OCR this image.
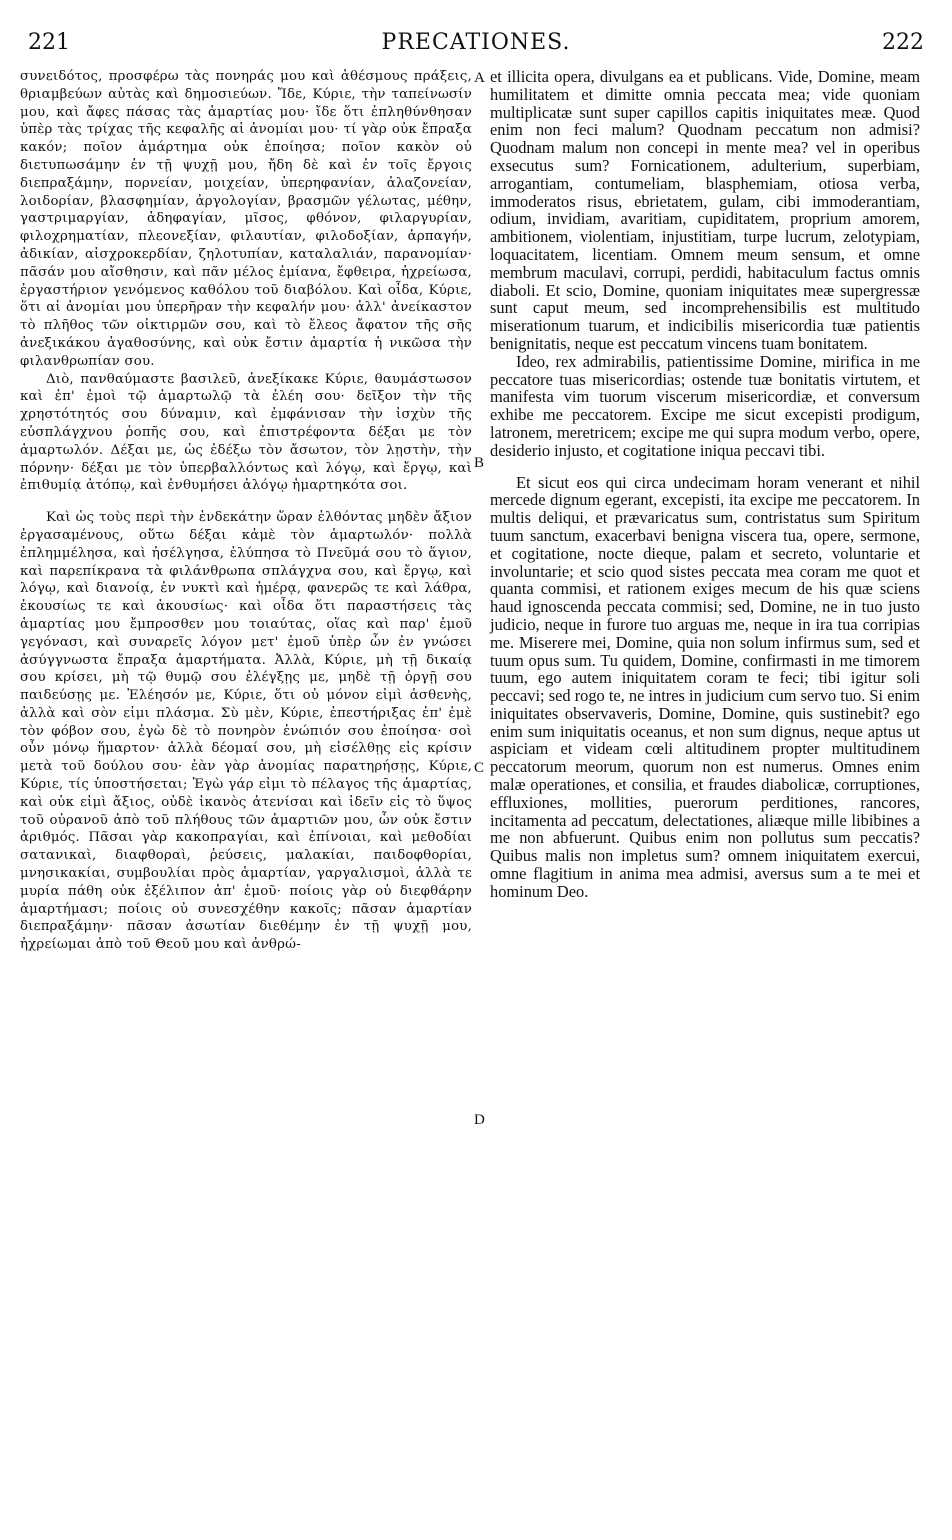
221	PRECATIONES.	222

συνειδότος, προσφέρω τὰς πονηράς μου καὶ ἀθέσμους πράξεις, θριαμβεύων αὐτὰς καὶ δημοσιεύων. Ἴδε, Κύριε, τὴν ταπείνωσίν μου, καὶ ἄφες πάσας τὰς ἁμαρτίας μου· ἴδε ὅτι ἐπληθύνθησαν ὑπὲρ τὰς τρίχας τῆς κεφαλῆς αἱ ἀνομίαι μου· τί γὰρ οὐκ ἔπραξα κακόν; ποῖον ἁμάρτημα οὐκ ἐποίησα; ποῖον κακὸν οὐ διετυπωσάμην ἐν τῇ ψυχῇ μου, ἤδη δὲ καὶ ἐν τοῖς ἔργοις διεπραξάμην, πορνείαν, μοιχείαν, ὑπερηφανίαν, ἀλαζονείαν, λοιδορίαν, βλασφημίαν, ἀργολογίαν, βρασμῶν γέλωτας, μέθην, γαστριμαργίαν, ἀδηφαγίαν, μῖσος, φθόνον, φιλαργυρίαν, φιλοχρηματίαν, πλεονεξίαν, φιλαυτίαν, φιλοδοξίαν, ἁρπαγήν, ἀδικίαν, αἰσχροκερδίαν, ζηλοτυπίαν, καταλαλιάν, παρανομίαν· πᾶσάν μου αἴσθησιν, καὶ πᾶν μέλος ἐμίανα, ἔφθειρα, ἠχρείωσα, ἐργαστήριον γενόμενος καθόλου τοῦ διαβόλου. Καὶ οἶδα, Κύριε, ὅτι αἱ ἀνομίαι μου ὑπερῆραν τὴν κεφαλήν μου· ἀλλ' ἀνείκαστον τὸ πλῆθος τῶν οἰκτιρμῶν σου, καὶ τὸ ἔλεος ἄφατον τῆς σῆς ἀνεξικάκου ἀγαθοσύνης, καὶ οὐκ ἔστιν ἁμαρτία ἡ νικῶσα τὴν φιλανθρωπίαν σου.

Διὸ, πανθαύμαστε βασιλεῦ, ἀνεξίκακε Κύριε, θαυμάστωσον καὶ ἐπ' ἐμοὶ τῷ ἁμαρτωλῷ τὰ ἐλέη σου· δεῖξον τὴν τῆς χρηστότητός σου δύναμιν, καὶ ἐμφάνισαν τὴν ἰσχὺν τῆς εὐσπλάγχνου ῥοπῆς σου, καὶ ἐπιστρέφοντα δέξαι με τὸν ἁμαρτωλόν. Δέξαι με, ὡς ἐδέξω τὸν ἄσωτον, τὸν λῃστὴν, τὴν πόρνην· δέξαι με τὸν ὑπερβαλλόντως καὶ λόγῳ, καὶ ἔργῳ, καὶ ἐπιθυμίᾳ ἀτόπῳ, καὶ ἐνθυμήσει ἀλόγῳ ἡμαρτηκότα σοι.

Καὶ ὡς τοὺς περὶ τὴν ἑνδεκάτην ὥραν ἐλθόντας μηδὲν ἄξιον ἐργασαμένους, οὕτω δέξαι κἀμὲ τὸν ἁμαρτωλόν· πολλὰ ἐπλημμέλησα, καὶ ἠσέλγησα, ἐλύπησα τὸ Πνεῦμά σου τὸ ἅγιον, καὶ παρεπίκρανα τὰ φιλάνθρωπα σπλάγχνα σου, καὶ ἔργῳ, καὶ λόγῳ, καὶ διανοίᾳ, ἐν νυκτὶ καὶ ἡμέρᾳ, φανερῶς τε καὶ λάθρα, ἑκουσίως τε καὶ ἀκουσίως· καὶ οἶδα ὅτι παραστήσεις τὰς ἁμαρτίας μου ἔμπροσθεν μου τοιαύτας, οἵας καὶ παρ' ἐμοῦ γεγόνασι, καὶ συναρεῖς λόγον μετ' ἐμοῦ ὑπὲρ ὧν ἐν γνώσει ἀσύγγνωστα ἔπραξα ἁμαρτήματα. Ἀλλὰ, Κύριε, μὴ τῇ δικαίᾳ σου κρίσει, μὴ τῷ θυμῷ σου ἐλέγξῃς με, μηδὲ τῇ ὀργῇ σου παιδεύσῃς με. Ἐλέησόν με, Κύριε, ὅτι οὐ μόνον εἰμὶ ἀσθενὴς, ἀλλὰ καὶ σὸν εἰμι πλάσμα. Σὺ μὲν, Κύριε, ἐπεστήριξας ἐπ' ἐμὲ τὸν φόβον σου, ἐγὼ δὲ τὸ πονηρὸν ἐνώπιόν σου ἐποίησα· σοὶ οὖν μόνῳ ἥμαρτον· ἀλλὰ δέομαί σου, μὴ εἰσέλθῃς εἰς κρίσιν μετὰ τοῦ δούλου σου· ἐὰν γὰρ ἀνομίας παρατηρήσῃς, Κύριε, Κύριε, τίς ὑποστήσεται; Ἐγὼ γάρ εἰμι τὸ πέλαγος τῆς ἁμαρτίας, καὶ οὐκ εἰμὶ ἄξιος, οὐδὲ ἱκανὸς ἀτενίσαι καὶ ἰδεῖν εἰς τὸ ὕψος τοῦ οὐρανοῦ ἀπὸ τοῦ πλήθους τῶν ἁμαρτιῶν μου, ὧν οὐκ ἔστιν ἀριθμός. Πᾶσαι γὰρ κακοπραγίαι, καὶ ἐπίνοιαι, καὶ μεθοδίαι σατανικαὶ, διαφθοραὶ, ῥεύσεις, μαλακίαι, παιδοφθορίαι, μνησικακίαι, συμβουλίαι πρὸς ἁμαρτίαν, γαργαλισμοὶ, ἀλλὰ τε μυρία πάθη οὐκ ἐξέλιπον ἀπ' ἐμοῦ· ποίοις γὰρ οὐ διεφθάρην ἁμαρτήμασι; ποίοις οὐ συνεσχέθην κακοῖς; πᾶσαν ἁμαρτίαν διεπραξάμην· πᾶσαν ἀσωτίαν διεθέμην ἐν τῇ ψυχῇ μου, ἠχρείωμαι ἀπὸ τοῦ Θεοῦ μου καὶ ἀνθρώ-

A
B
C
D

et illicita opera, divulgans ea et publicans. Vide, Domine, meam humilitatem et dimitte omnia peccata mea; vide quoniam multiplicatæ sunt super capillos capitis iniquitates meæ. Quod enim non feci malum? Quodnam peccatum non admisi? Quodnam malum non concepi in mente mea? vel in operibus exsecutus sum? Fornicationem, adulterium, superbiam, arrogantiam, contumeliam, blasphemiam, otiosa verba, immoderatos risus, ebrietatem, gulam, cibi immoderantiam, odium, invidiam, avaritiam, cupiditatem, proprium amorem, ambitionem, violentiam, injustitiam, turpe lucrum, zelotypiam, loquacitatem, licentiam. Omnem meum sensum, et omne membrum maculavi, corrupi, perdidi, habitaculum factus omnis diaboli. Et scio, Domine, quoniam iniquitates meæ supergressæ sunt caput meum, sed incomprehensibilis est multitudo miserationum tuarum, et indicibilis misericordia tuæ patientis benignitatis, neque est peccatum vincens tuam bonitatem.

Ideo, rex admirabilis, patientissime Domine, mirifica in me peccatore tuas misericordias; ostende tuæ bonitatis virtutem, et manifesta vim tuorum viscerum misericordiæ, et conversum exhibe me peccatorem. Excipe me sicut excepisti prodigum, latronem, meretricem; excipe me qui supra modum verbo, opere, desiderio injusto, et cogitatione iniqua peccavi tibi.

Et sicut eos qui circa undecimam horam venerant et nihil mercede dignum egerant, excepisti, ita excipe me peccatorem. In multis deliqui, et prævaricatus sum, contristatus sum Spiritum tuum sanctum, exacerbavi benigna viscera tua, opere, sermone, et cogitatione, nocte dieque, palam et secreto, voluntarie et involuntarie; et scio quod sistes peccata mea coram me quot et quanta commisi, et rationem exiges mecum de his quæ sciens haud ignoscenda peccata commisi; sed, Domine, ne in tuo justo judicio, neque in furore tuo arguas me, neque in ira tua corripias me. Miserere mei, Domine, quia non solum infirmus sum, sed et tuum opus sum. Tu quidem, Domine, confirmasti in me timorem tuum, ego autem iniquitatem coram te feci; tibi igitur soli peccavi; sed rogo te, ne intres in judicium cum servo tuo. Si enim iniquitates observaveris, Domine, Domine, quis sustinebit? ego enim sum iniquitatis oceanus, et non sum dignus, neque aptus ut aspiciam et videam cœli altitudinem propter multitudinem peccatorum meorum, quorum non est numerus. Omnes enim malæ operationes, et consilia, et fraudes diabolicæ, corruptiones, effluxiones, mollities, puerorum perditiones, rancores, incitamenta ad peccatum, delectationes, aliæque mille libibines a me non abfuerunt. Quibus enim non pollutus sum peccatis? Quibus malis non impletus sum? omnem iniquitatem exercui, omne flagitium in anima mea admisi, aversus sum a te mei et hominum Deo.
